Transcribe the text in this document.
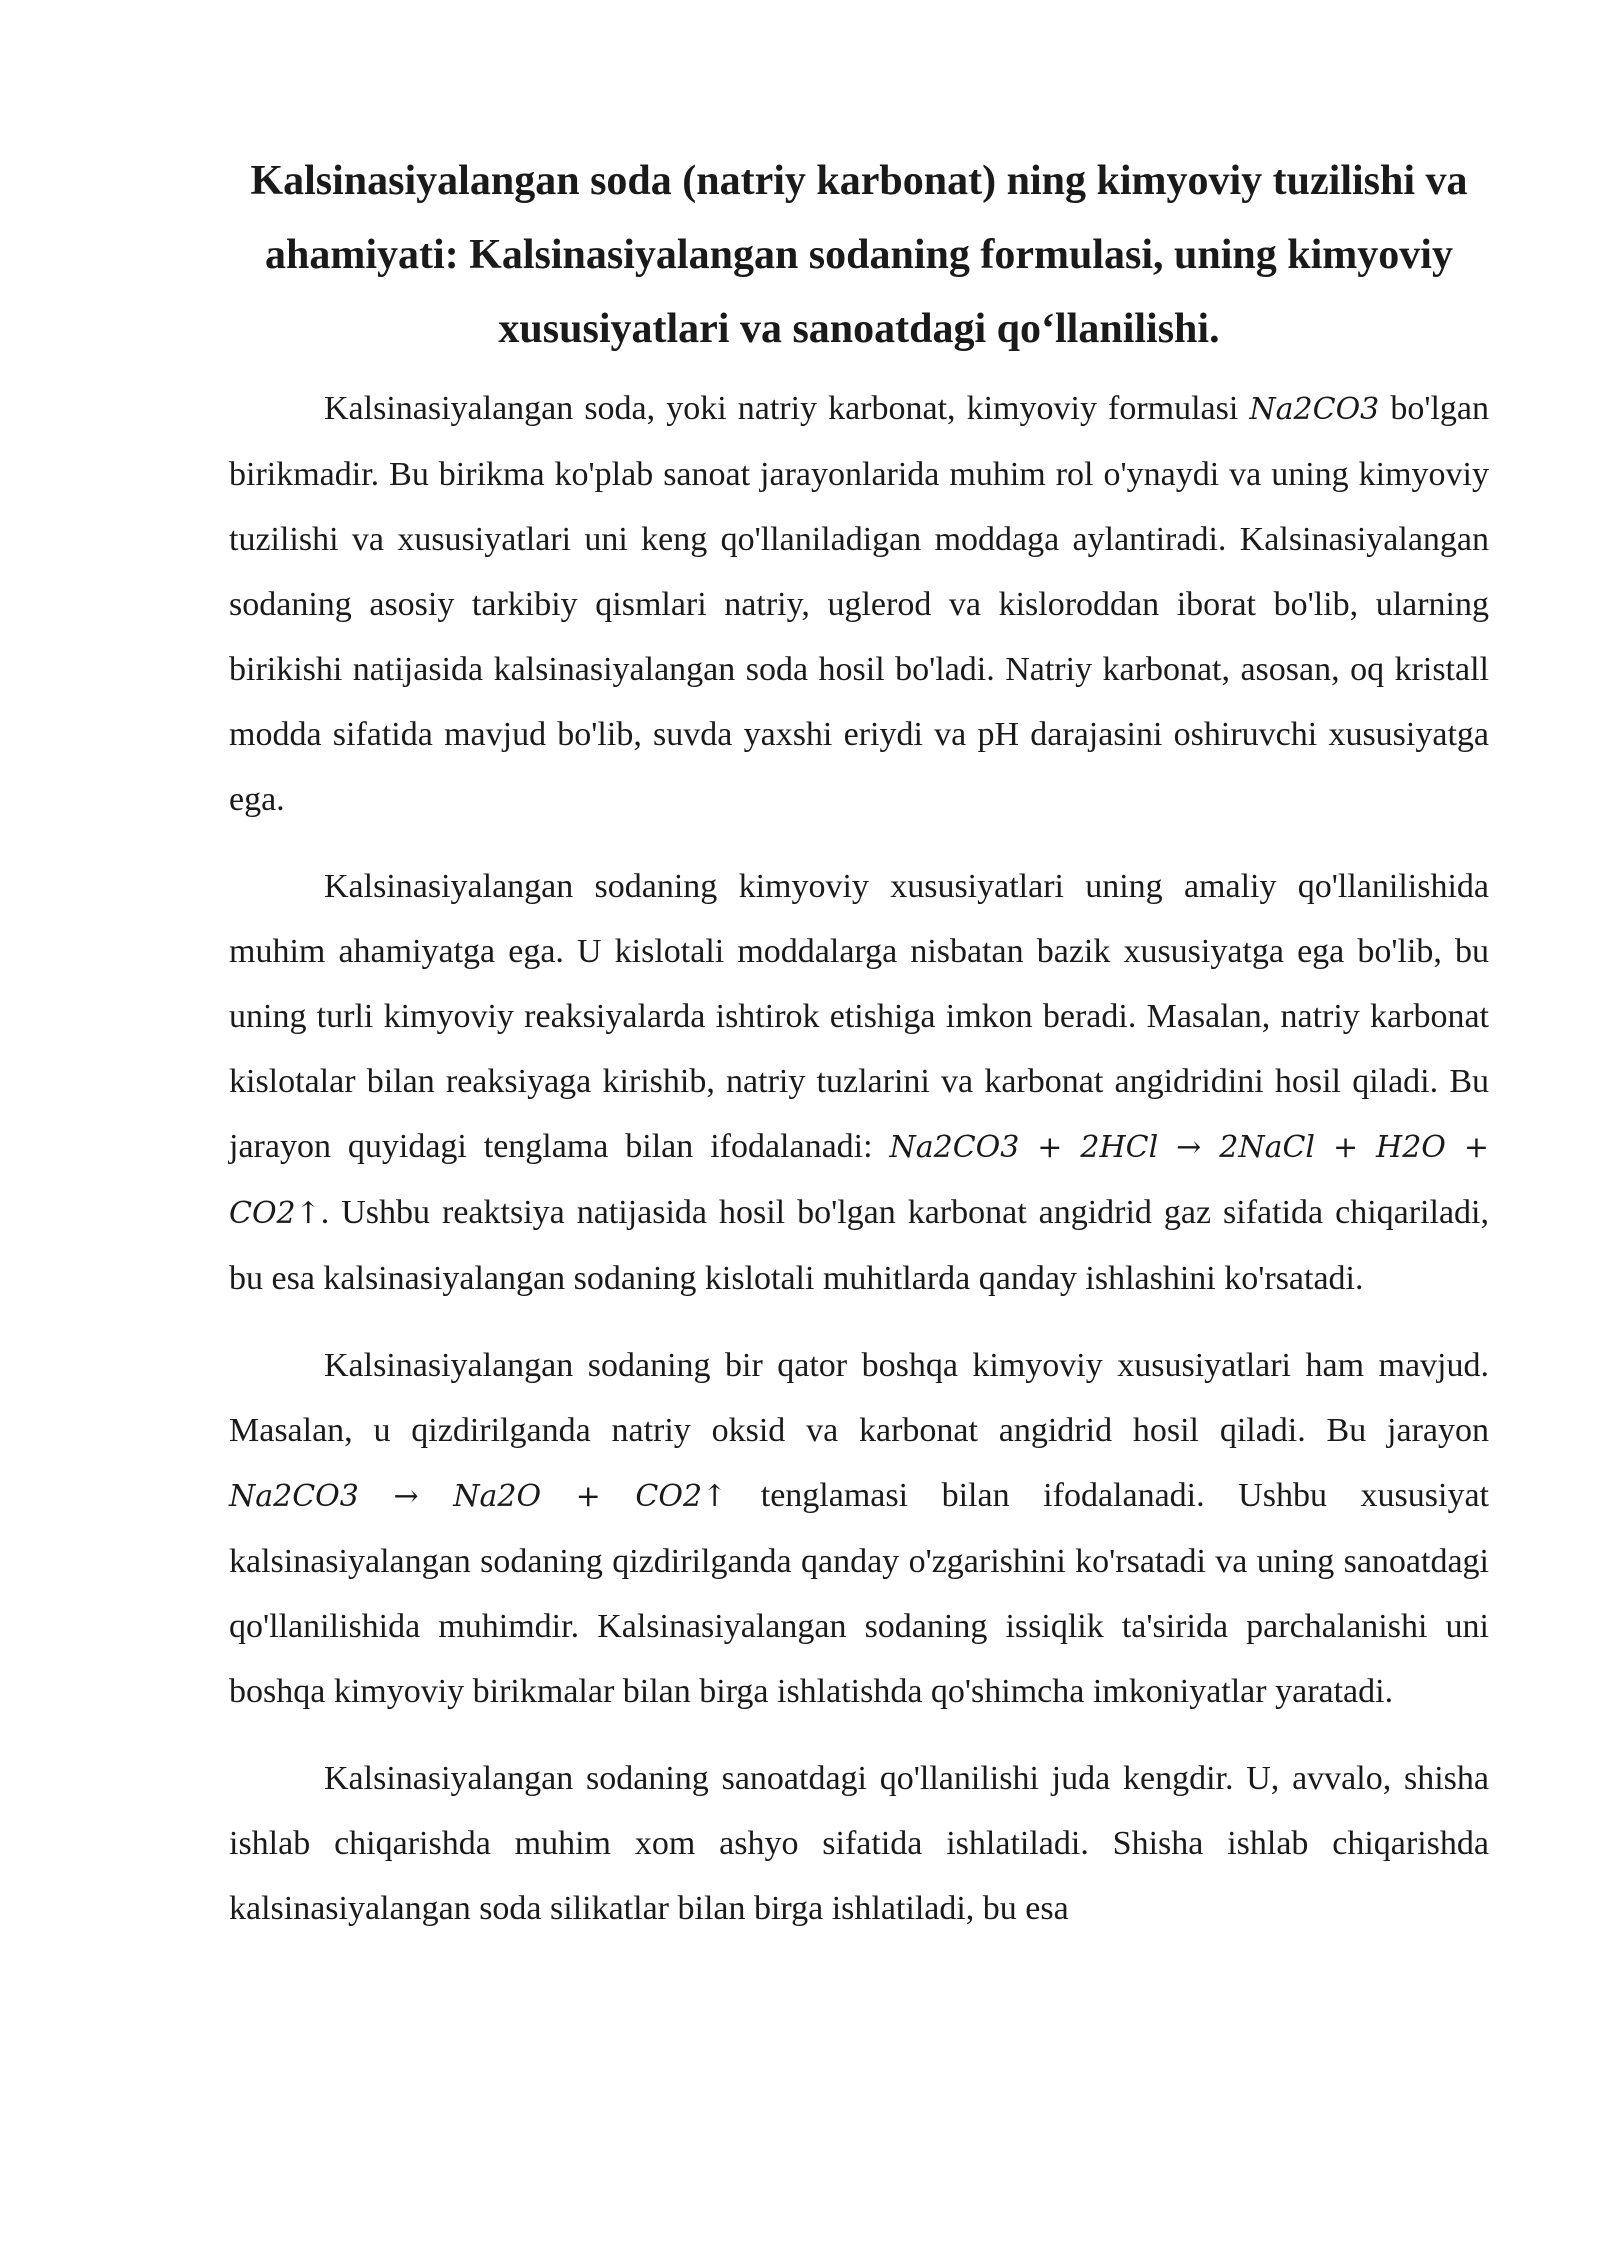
Kalsinasiyalangan soda (natriy karbonat) ning kimyoviy tuzilishi va ahamiyati: Kalsinasiyalangan sodaning formulasi, uning kimyoviy xususiyatlari va sanoatdagi qo‘llanilishi.

Kalsinasiyalangan soda, yoki natriy karbonat, kimyoviy formulasi Na2CO3 bo'lgan birikmadir. Bu birikma ko'plab sanoat jarayonlarida muhim rol o'ynaydi va uning kimyoviy tuzilishi va xususiyatlari uni keng qo'llaniladigan moddaga aylantiradi. Kalsinasiyalangan sodaning asosiy tarkibiy qismlari natriy, uglerod va kisloroddan iborat bo'lib, ularning birikishi natijasida kalsinasiyalangan soda hosil bo'ladi. Natriy karbonat, asosan, oq kristall modda sifatida mavjud bo'lib, suvda yaxshi eriydi va pH darajasini oshiruvchi xususiyatga ega.

Kalsinasiyalangan sodaning kimyoviy xususiyatlari uning amaliy qo'llanilishida muhim ahamiyatga ega. U kislotali moddalarga nisbatan bazik xususiyatga ega bo'lib, bu uning turli kimyoviy reaksiyalarda ishtirok etishiga imkon beradi. Masalan, natriy karbonat kislotalar bilan reaksiyaga kirishib, natriy tuzlarini va karbonat angidridini hosil qiladi. Bu jarayon quyidagi tenglama bilan ifodalanadi: Na2CO3 + 2HCl → 2NaCl + H2O + CO2↑. Ushbu reaktsiya natijasida hosil bo'lgan karbonat angidrid gaz sifatida chiqariladi, bu esa kalsinasiyalangan sodaning kislotali muhitlarda qanday ishlashini ko'rsatadi.

Kalsinasiyalangan sodaning bir qator boshqa kimyoviy xususiyatlari ham mavjud. Masalan, u qizdirilganda natriy oksid va karbonat angidrid hosil qiladi. Bu jarayon Na2CO3 → Na2O + CO2↑ tenglamasi bilan ifodalanadi. Ushbu xususiyat kalsinasiyalangan sodaning qizdirilganda qanday o'zgarishini ko'rsatadi va uning sanoatdagi qo'llanilishida muhimdir. Kalsinasiyalangan sodaning issiqlik ta'sirida parchalanishi uni boshqa kimyoviy birikmalar bilan birga ishlatishda qo'shimcha imkoniyatlar yaratadi.

Kalsinasiyalangan sodaning sanoatdagi qo'llanilishi juda kengdir. U, avvalo, shisha ishlab chiqarishda muhim xom ashyo sifatida ishlatiladi. Shisha ishlab chiqarishda kalsinasiyalangan soda silikatlar bilan birga ishlatiladi, bu esa
